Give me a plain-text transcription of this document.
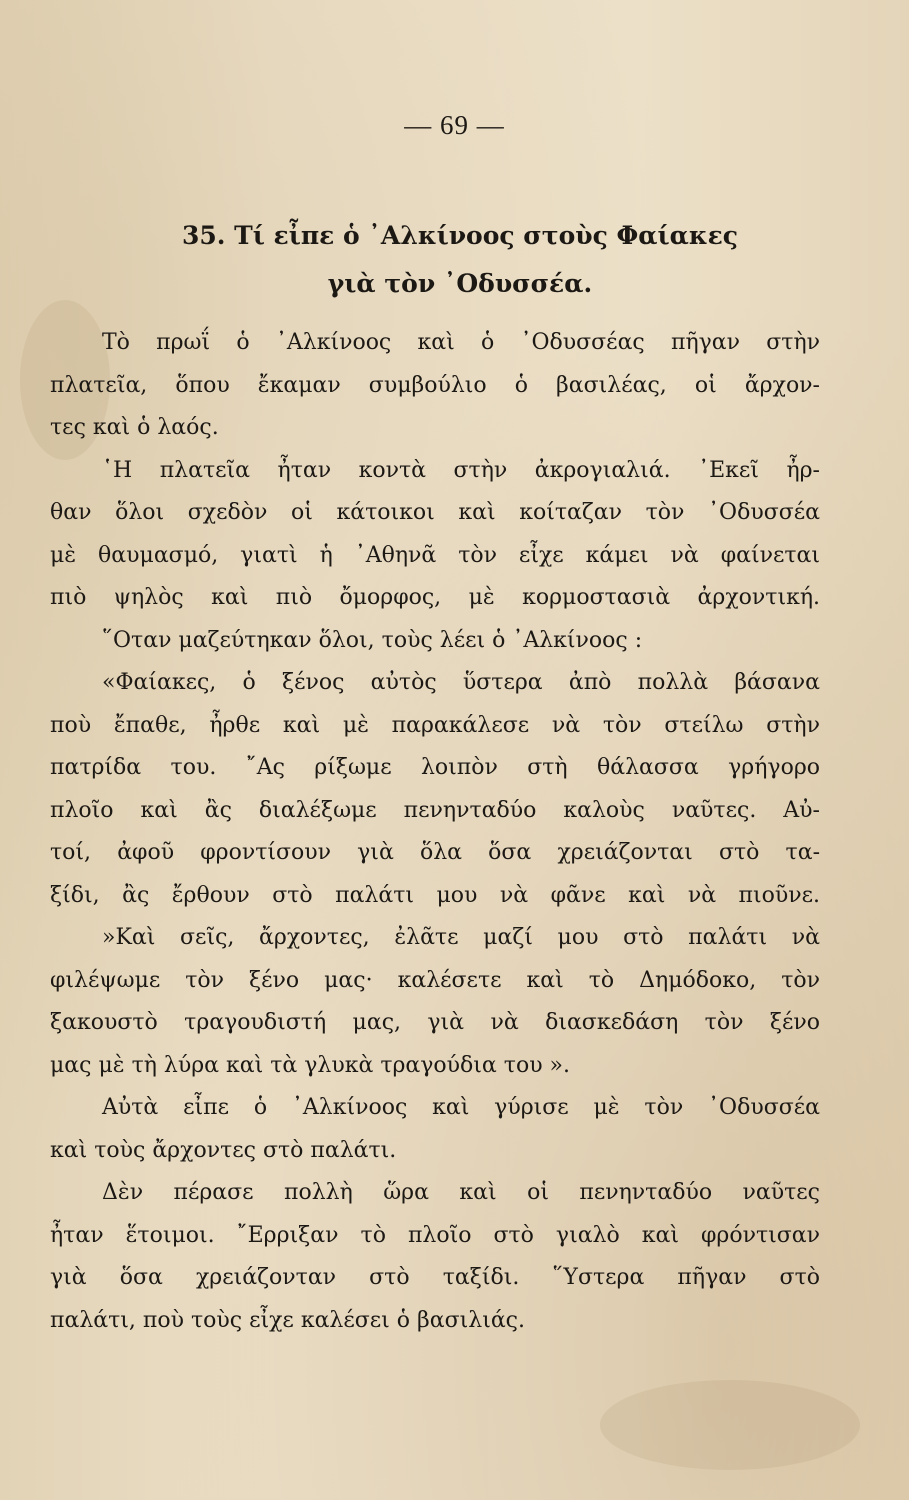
— 69 —
35. Τί εἶπε ὁ ᾿Αλκίνοος στοὺς Φαίακες
γιὰ τὸν ᾿Οδυσσέα.
Τὸ πρωΐ ὁ ᾿Αλκίνοος καὶ ὁ ᾿Οδυσσέας πῆγαν στὴν
πλατεῖα, ὅπου ἔκαμαν συμβούλιο ὁ βασιλέας, οἱ ἄρχον-
τες καὶ ὁ λαός.
῾Η πλατεῖα ἦταν κοντὰ στὴν ἀκρογιαλιά. ᾿Εκεῖ ἦρ-
θαν ὅλοι σχεδὸν οἱ κάτοικοι καὶ κοίταζαν τὸν ᾿Οδυσσέα
μὲ θαυμασμό, γιατὶ ἡ ᾿Αθηνᾶ τὸν εἶχε κάμει νὰ φαίνεται
πιὸ ψηλὸς καὶ πιὸ ὄμορφος, μὲ κορμοστασιὰ ἀρχοντική.
῞Οταν μαζεύτηκαν ὅλοι, τοὺς λέει ὁ ᾿Αλκίνοος :
«Φαίακες, ὁ ξένος αὐτὸς ὕστερα ἀπὸ πολλὰ βάσανα
ποὺ ἔπαθε, ἦρθε καὶ μὲ παρακάλεσε νὰ τὸν στείλω στὴν
πατρίδα του. ῎Ας ρίξωμε λοιπὸν στὴ θάλασσα γρήγορο
πλοῖο καὶ ἂς διαλέξωμε πενηνταδύο καλοὺς ναῦτες. Αὐ-
τοί, ἀφοῦ φροντίσουν γιὰ ὅλα ὅσα χρειάζονται στὸ τα-
ξίδι, ἂς ἔρθουν στὸ παλάτι μου νὰ φᾶνε καὶ νὰ πιοῦνε.
»Καὶ σεῖς, ἄρχοντες, ἐλᾶτε μαζί μου στὸ παλάτι νὰ
φιλέψωμε τὸν ξένο μας· καλέσετε καὶ τὸ Δημόδοκο, τὸν
ξακουστὸ τραγουδιστή μας, γιὰ νὰ διασκεδάση τὸν ξένο
μας μὲ τὴ λύρα καὶ τὰ γλυκὰ τραγούδια του ».
Αὐτὰ εἶπε ὁ ᾿Αλκίνοος καὶ γύρισε μὲ τὸν ᾿Οδυσσέα
καὶ τοὺς ἄρχοντες στὸ παλάτι.
Δὲν πέρασε πολλὴ ὥρα καὶ οἱ πενηνταδύο ναῦτες
ἦταν ἕτοιμοι. ῎Ερριξαν τὸ πλοῖο στὸ γιαλὸ καὶ φρόντισαν
γιὰ ὅσα χρειάζονταν στὸ ταξίδι. ῞Υστερα πῆγαν στὸ
παλάτι, ποὺ τοὺς εἶχε καλέσει ὁ βασιλιάς.
